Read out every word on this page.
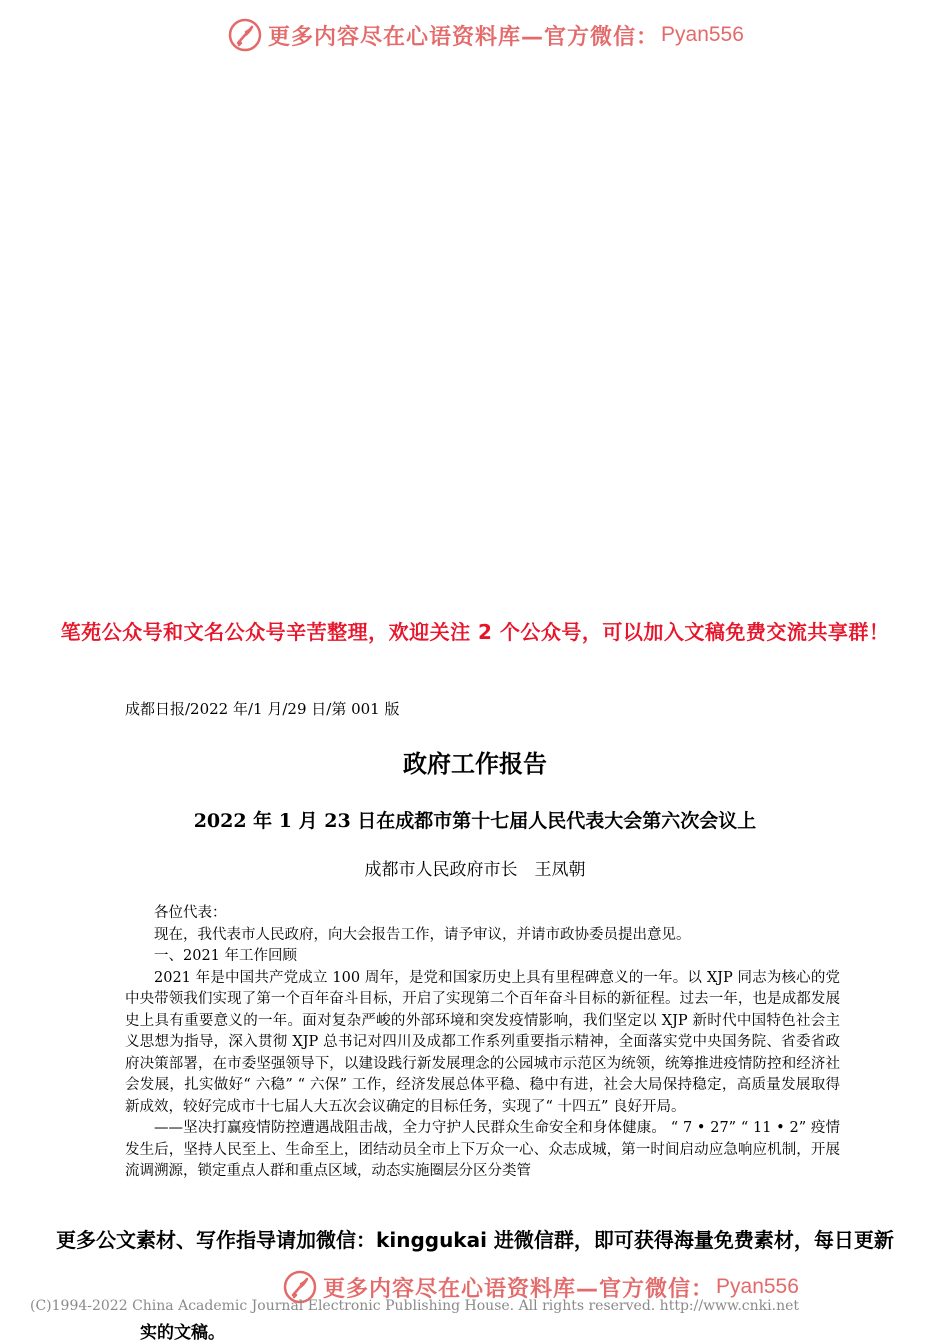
更多内容尽在心语资料库—官方微信： Pyan556
笔苑公众号和文名公众号辛苦整理，欢迎关注 2 个公众号，可以加入文稿免费交流共享群！
成都日报/2022 年/1 月/29 日/第 001 版
政府工作报告
2022 年 1 月 23 日在成都市第十七届人民代表大会第六次会议上
成都市人民政府市长　王凤朝

各位代表：

现在，我代表市人民政府，向大会报告工作，请予审议，并请市政协委员提出意见。

一、2021 年工作回顾

2021 年是中国共产党成立 100 周年，是党和国家历史上具有里程碑意义的一年。以 XJP 同志为核心的党中央带领我们实现了第一个百年奋斗目标，开启了实现第二个百年奋斗目标的新征程。过去一年，也是成都发展史上具有重要意义的一年。面对复杂严峻的外部环境和突发疫情影响，我们坚定以 XJP 新时代中国特色社会主义思想为指导，深入贯彻 XJP 总书记对四川及成都工作系列重要指示精神，全面落实党中央国务院、省委省政府决策部署，在市委坚强领导下，以建设践行新发展理念的公园城市示范区为统领，统筹推进疫情防控和经济社会发展，扎实做好“ 六稳” “ 六保” 工作，经济发展总体平稳、稳中有进，社会大局保持稳定，高质量发展取得新成效，较好完成市十七届人大五次会议确定的目标任务，实现了“ 十四五” 良好开局。

——坚决打赢疫情防控遭遇战阻击战，全力守护人民群众生命安全和身体健康。 “ 7 • 27” “ 11 • 2” 疫情发生后，坚持人民至上、生命至上，团结动员全市上下万众一心、众志成城，第一时间启动应急响应机制，开展流调溯源，锁定重点人群和重点区域，动态实施圈层分区分类管

更多公文素材、写作指导请加微信：kinggukai 进微信群，即可获得海量免费素材，每日更新
更多内容尽在心语资料库—官方微信： Pyan556
(C)1994-2022 China Academic Journal Electronic Publishing House. All rights reserved. http://www.cnki.net
实的文稿。
